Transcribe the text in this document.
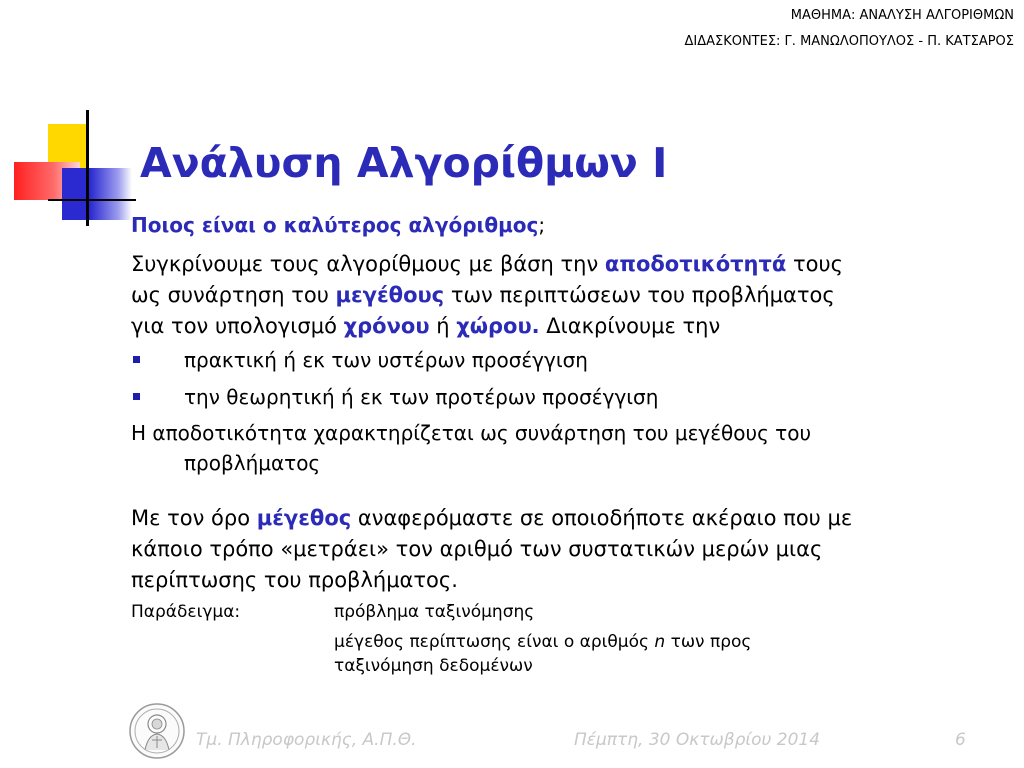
ΜΑΘΗΜΑ: ΑΝΑΛΥΣΗ ΑΛΓΟΡΙΘΜΩΝ
ΔΙΔΑΣΚΟΝΤΕΣ: Γ. ΜΑΝΩΛΟΠΟΥΛΟΣ - Π. ΚΑΤΣΑΡΟΣ
Ανάλυση Αλγορίθμων Ι
Ποιος είναι ο καλύτερος αλγόριθμος;
Συγκρίνουμε τους αλγορίθμους με βάση την αποδοτικότητά τους
ως συνάρτηση του μεγέθους των περιπτώσεων του προβλήματος
για τον υπολογισμό χρόνου ή χώρου. Διακρίνουμε την
πρακτική ή εκ των υστέρων προσέγγιση
την θεωρητική ή εκ των προτέρων προσέγγιση
Η αποδοτικότητα χαρακτηρίζεται ως συνάρτηση του μεγέθους του
προβλήματος
Με τον όρο μέγεθος αναφερόμαστε σε οποιοδήποτε ακέραιο που με
κάποιο τρόπο «μετράει» τον αριθμό των συστατικών μερών μιας
περίπτωσης του προβλήματος.
Παράδειγμα:	πρόβλημα ταξινόμησης
μέγεθος περίπτωσης είναι ο αριθμός n των προς
ταξινόμηση δεδομένων
Τμ. Πληροφορικής, Α.Π.Θ.	Πέμπτη, 30 Οκτωβρίου 2014	6
